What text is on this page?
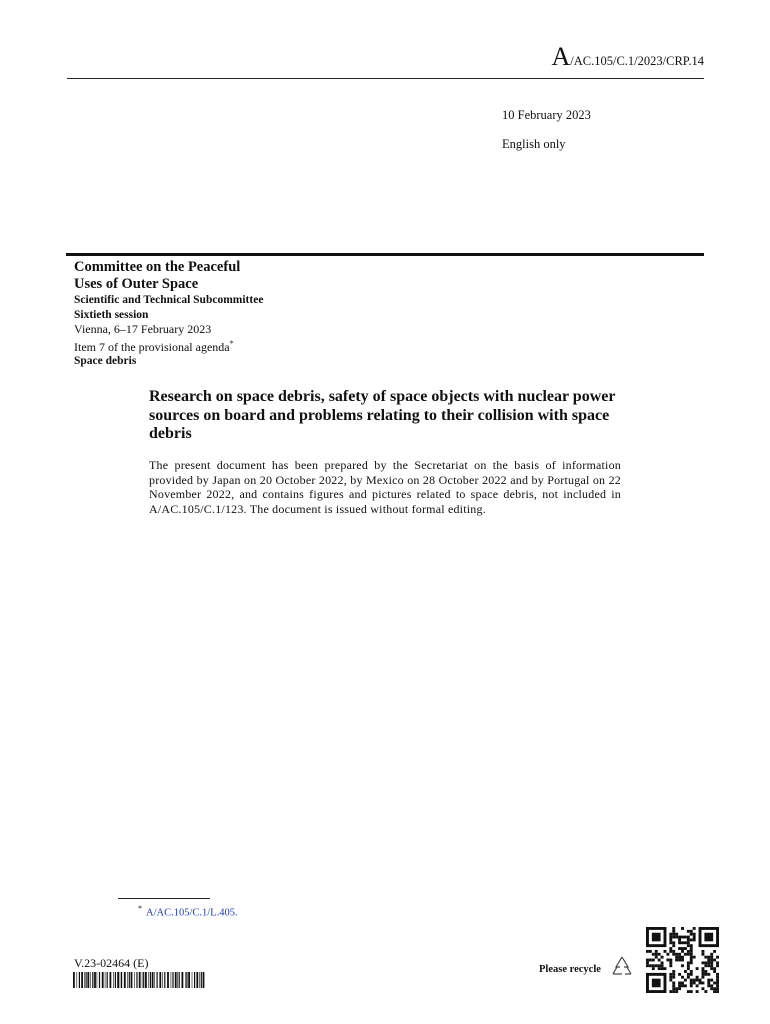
A/AC.105/C.1/2023/CRP.14
10 February 2023
English only
Committee on the Peaceful
Uses of Outer Space
Scientific and Technical Subcommittee
Sixtieth session
Vienna, 6–17 February 2023
Item 7 of the provisional agenda*
Space debris
Research on space debris, safety of space objects with nuclear power sources on board and problems relating to their collision with space debris
The present document has been prepared by the Secretariat on the basis of information provided by Japan on 20 October 2022, by Mexico on 28 October 2022 and by Portugal on 22 November 2022, and contains figures and pictures related to space debris, not included in A/AC.105/C.1/123. The document is issued without formal editing.
* A/AC.105/C.1/L.405.
V.23-02464 (E)	Please recycle
